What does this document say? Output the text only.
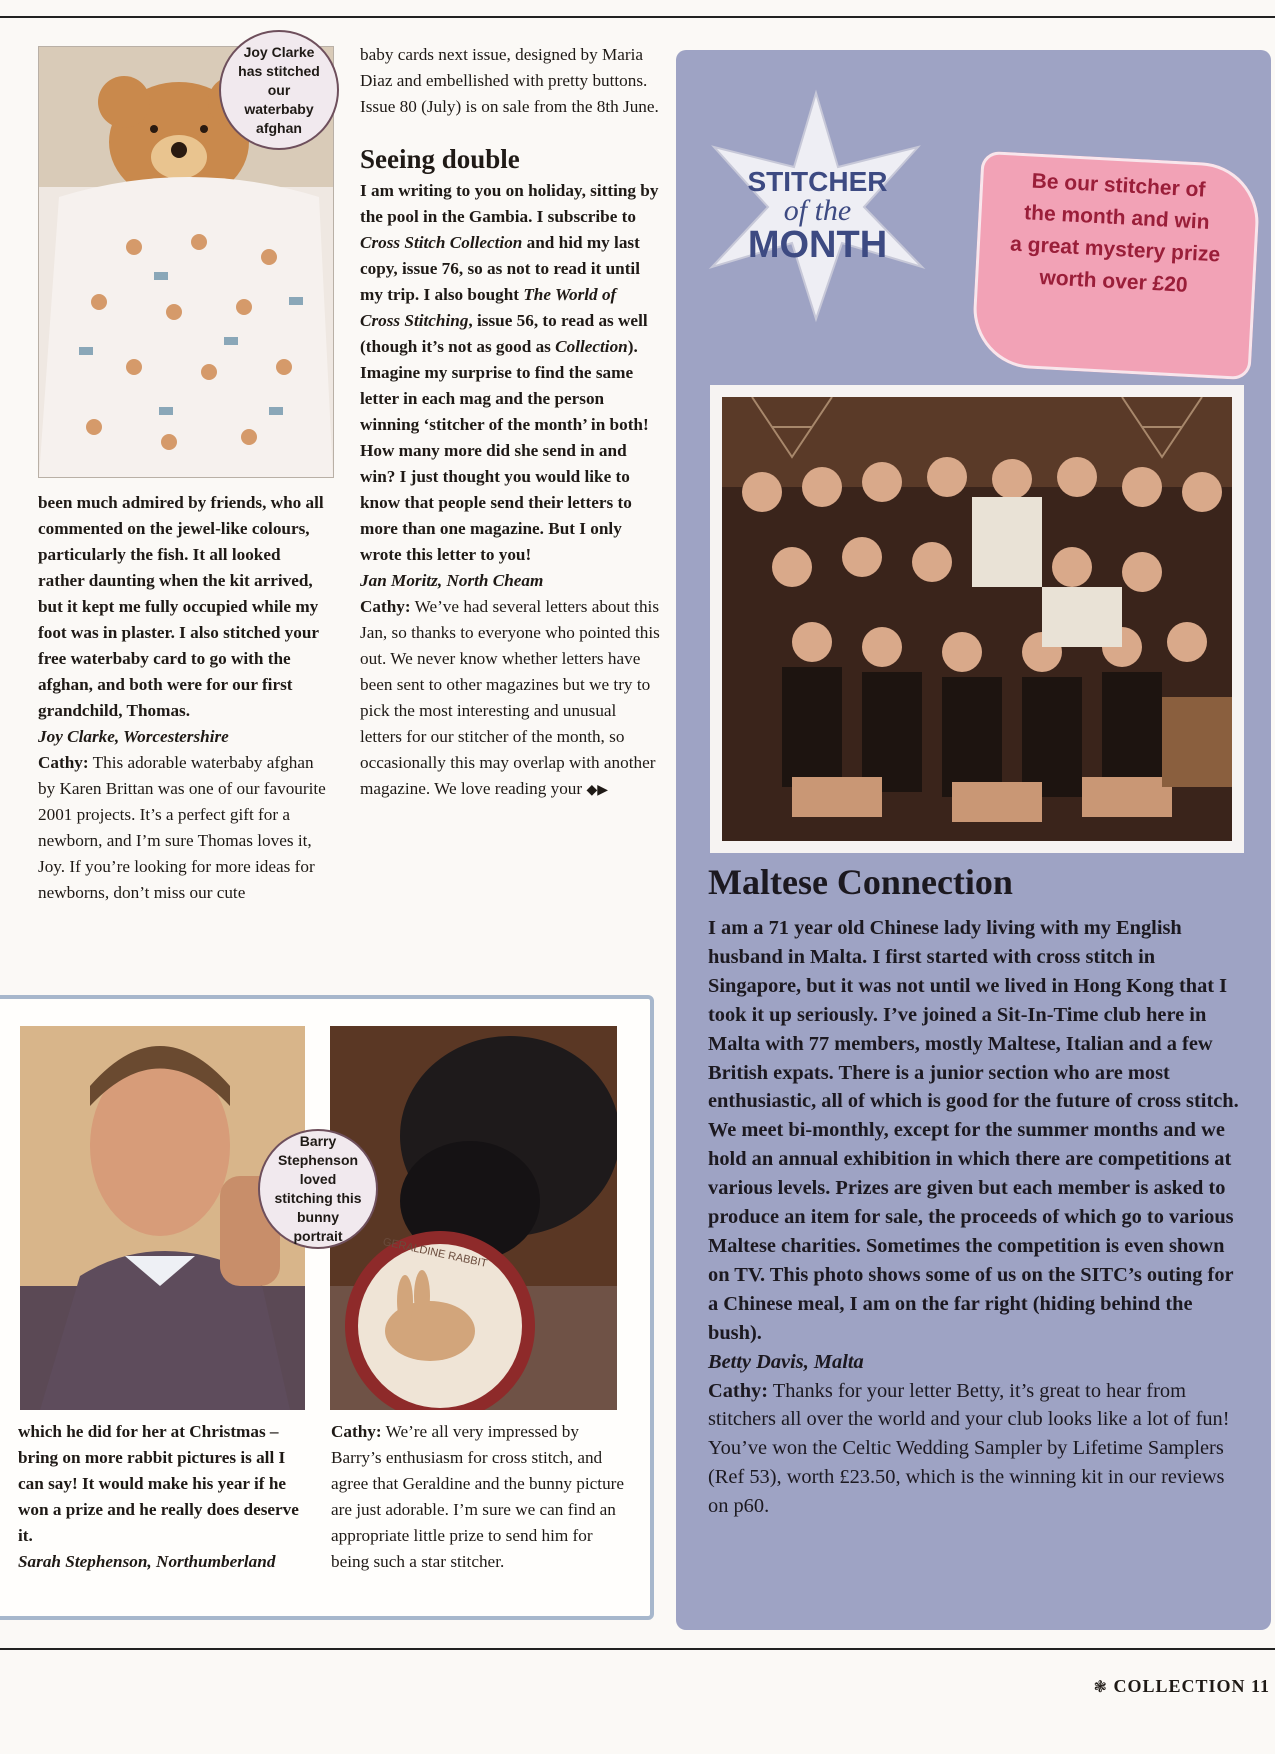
Joy Clarke has stitched our waterbaby afghan

been much admired by friends, who all commented on the jewel-like colours, particularly the fish. It all looked rather daunting when the kit arrived, but it kept me fully occupied while my foot was in plaster. I also stitched your free waterbaby card to go with the afghan, and both were for our first grandchild, Thomas.

Joy Clarke, Worcestershire

Cathy: This adorable waterbaby afghan by Karen Brittan was one of our favourite 2001 projects. It’s a perfect gift for a newborn, and I’m sure Thomas loves it, Joy. If you’re looking for more ideas for newborns, don’t miss our cute

baby cards next issue, designed by Maria Diaz and embellished with pretty buttons. Issue 80 (July) is on sale from the 8th June.

Seeing double

I am writing to you on holiday, sitting by the pool in the Gambia. I subscribe to Cross Stitch Collection and hid my last copy, issue 76, so as not to read it until my trip. I also bought The World of Cross Stitching, issue 56, to read as well (though it’s not as good as Collection). Imagine my surprise to find the same letter in each mag and the person winning ‘stitcher of the month’ in both! How many more did she send in and win? I just thought you would like to know that people send their letters to more than one magazine. But I only wrote this letter to you!

Jan Moritz, North Cheam

Cathy: We’ve had several letters about this Jan, so thanks to everyone who pointed this out. We never know whether letters have been sent to other magazines but we try to pick the most interesting and unusual letters for our stitcher of the month, so occasionally this may overlap with another magazine. We love reading your ◆▶

STITCHER
of the
MONTH
Be our stitcher of
the month and win
a great mystery prize
worth over £20
Maltese Connection
I am a 71 year old Chinese lady living with my English husband in Malta. I first started with cross stitch in Singapore, but it was not until we lived in Hong Kong that I took it up seriously. I’ve joined a Sit-In-Time club here in Malta with 77 members, mostly Maltese, Italian and a few British expats. There is a junior section who are most enthusiastic, all of which is good for the future of cross stitch. We meet bi-monthly, except for the summer months and we hold an annual exhibition in which there are competitions at various levels. Prizes are given but each member is asked to produce an item for sale, the proceeds of which go to various Maltese charities. Sometimes the competition is even shown on TV. This photo shows some of us on the SITC’s outing for a Chinese meal, I am on the far right (hiding behind the bush).
Betty Davis, Malta
Cathy: Thanks for your letter Betty, it’s great to hear from stitchers all over the world and your club looks like a lot of fun! You’ve won the Celtic Wedding Sampler by Lifetime Samplers (Ref 53), worth £23.50, which is the winning kit in our reviews on p60.
GERALDINE RABBIT
Barry Stephenson loved stitching this bunny portrait

which he did for her at Christmas – bring on more rabbit pictures is all I can say! It would make his year if he won a prize and he really does deserve it.

Sarah Stephenson, Northumberland

Cathy: We’re all very impressed by Barry’s enthusiasm for cross stitch, and agree that Geraldine and the bunny picture are just adorable. I’m sure we can find an appropriate little prize to send him for being such a star stitcher.

❃ COLLECTION 11
